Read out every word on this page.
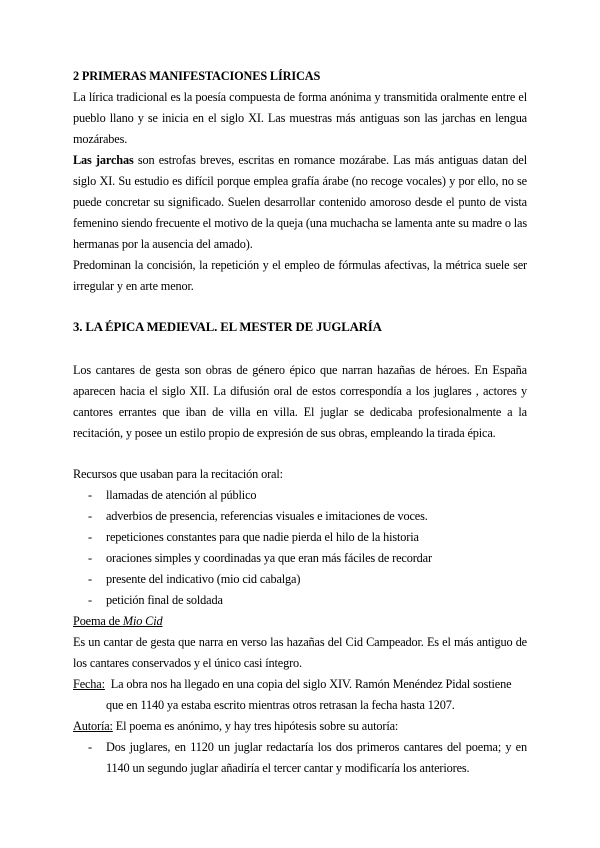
2 PRIMERAS MANIFESTACIONES LÍRICAS

La lírica tradicional es la poesía compuesta de forma anónima y transmitida oralmente entre el pueblo llano y se inicia en el siglo XI. Las muestras más antiguas son las jarchas en lengua mozárabes.

Las jarchas son estrofas breves, escritas en romance mozárabe. Las más antiguas datan del siglo XI. Su estudio es difícil porque emplea grafía árabe (no recoge vocales) y por ello, no se puede concretar su significado. Suelen desarrollar contenido amoroso desde el punto de vista femenino siendo frecuente el motivo de la queja (una muchacha se lamenta ante su madre o las hermanas por la ausencia del amado).

Predominan la concisión, la repetición y el empleo de fórmulas afectivas, la métrica suele ser irregular y en arte menor.

3. LA ÉPICA MEDIEVAL. EL MESTER DE JUGLARÍA

Los cantares de gesta son obras de género épico que narran hazañas de héroes. En España aparecen hacia el siglo XII. La difusión oral de estos correspondía a los juglares , actores y cantores errantes que iban de villa en villa. El juglar se dedicaba profesionalmente a la recitación, y posee un estilo propio de expresión de sus obras, empleando la tirada épica.

Recursos que usaban para la recitación oral:

- llamadas de atención al público
- adverbios de presencia, referencias visuales e imitaciones de voces.
- repeticiones constantes para que nadie pierda el hilo de la historia
- oraciones simples y coordinadas ya que eran más fáciles de recordar
- presente del indicativo (mio cid cabalga)
- petición final de soldada

Poema de Mio Cid

Es un cantar de gesta que narra en verso las hazañas del Cid Campeador. Es el más antiguo de los cantares conservados y el único casi íntegro.

Fecha:  La obra nos ha llegado en una copia del siglo XIV. Ramón Menéndez Pidal sostiene

que en 1140 ya estaba escrito mientras otros retrasan la fecha hasta 1207.

Autoría: El poema es anónimo, y hay tres hipótesis sobre su autoría:

- Dos juglares, en 1120 un juglar redactaría los dos primeros cantares del poema; y en 1140 un segundo juglar añadiría el tercer cantar y modificaría los anteriores.
